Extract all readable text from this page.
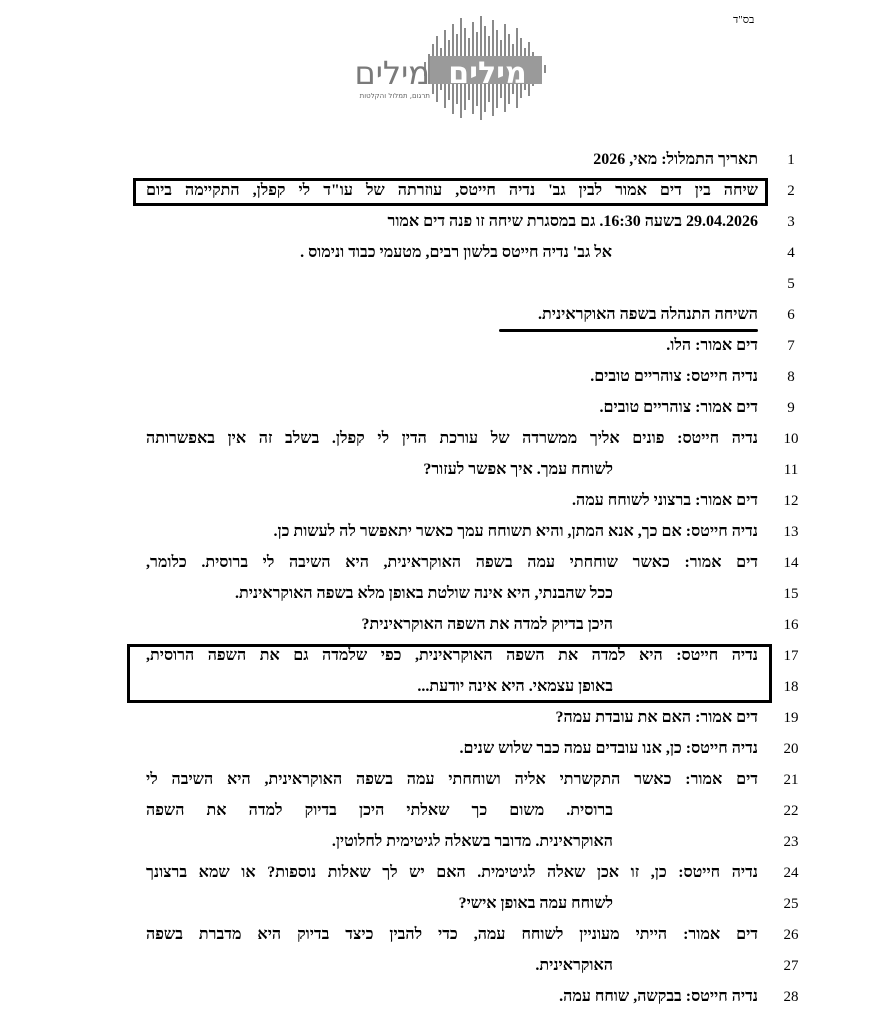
בס"ד
מילים
מילים
תרגום, תמלול והקלטות
1
תאריך התמלול: מאי, 2026
2
שיחה בין דים אמור לבין גב' נדיה חייטס, עוזרתה של עו"ד לי קפלן, התקיימה ביום
3
29.04.2026 בשעה 16:30. גם במסגרת שיחה זו פנה דים אמור
4
אל גב' נדיה חייטס בלשון רבים, מטעמי כבוד ונימוס .
5
6
השיחה התנהלה בשפה האוקראינית.
7
דים אמור: הלו.
8
נדיה חייטס: צוהריים טובים.
9
דים אמור: צוהריים טובים.
10
נדיה חייטס: פונים אליך ממשרדה של עורכת הדין לי קפלן. בשלב זה אין באפשרותה
11
לשוחח עמך. איך אפשר לעזור?
12
דים אמור: ברצוני לשוחח עמה.
13
נדיה חייטס: אם כך, אנא המתן, והיא תשוחח עמך כאשר יתאפשר לה לעשות כן.
14
דים אמור: כאשר שוחחתי עמה בשפה האוקראינית, היא השיבה לי ברוסית. כלומר,
15
ככל שהבנתי, היא אינה שולטת באופן מלא בשפה האוקראינית.
16
היכן בדיוק למדה את השפה האוקראינית?
17
נדיה חייטס: היא למדה את השפה האוקראינית, כפי שלמדה גם את השפה הרוסית,
18
באופן עצמאי. היא אינה יודעת...
19
דים אמור: האם את עובדת עמה?
20
נדיה חייטס: כן, אנו עובדים עמה כבר שלוש שנים.
21
דים אמור: כאשר התקשרתי אליה ושוחחתי עמה בשפה האוקראינית, היא השיבה לי
22
ברוסית. משום כך שאלתי היכן בדיוק למדה את השפה
23
האוקראינית. מדובר בשאלה לגיטימית לחלוטין.
24
נדיה חייטס: כן, זו אכן שאלה לגיטימית. האם יש לך שאלות נוספות? או שמא ברצונך
25
לשוחח עמה באופן אישי?
26
דים אמור: הייתי מעוניין לשוחח עמה, כדי להבין כיצד בדיוק היא מדברת בשפה
27
האוקראינית.
28
נדיה חייטס: בבקשה, שוחח עמה.
